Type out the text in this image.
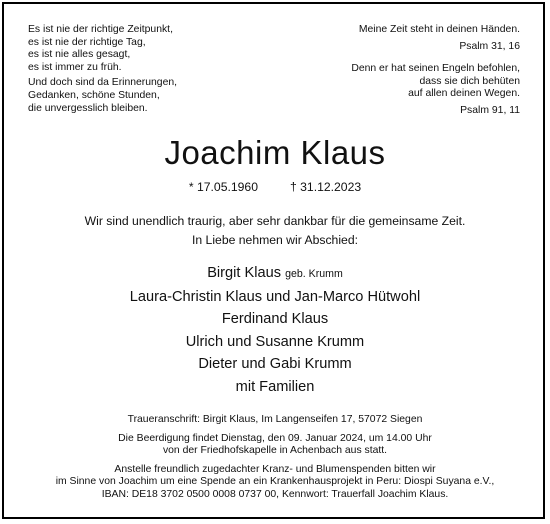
Es ist nie der richtige Zeitpunkt,
es ist nie der richtige Tag,
es ist nie alles gesagt,
es ist immer zu früh.
Und doch sind da Erinnerungen,
Gedanken, schöne Stunden,
die unvergesslich bleiben.
Meine Zeit steht in deinen Händen.
Psalm 31, 16
Denn er hat seinen Engeln befohlen,
dass sie dich behüten
auf allen deinen Wegen.
Psalm 91, 11
Joachim Klaus
* 17.05.1960	† 31.12.2023
Wir sind unendlich traurig, aber sehr dankbar für die gemeinsame Zeit.
In Liebe nehmen wir Abschied:
Birgit Klaus geb. Krumm
Laura-Christin Klaus und Jan-Marco Hütwohl
Ferdinand Klaus
Ulrich und Susanne Krumm
Dieter und Gabi Krumm
mit Familien
Traueranschrift: Birgit Klaus, Im Langenseifen 17, 57072 Siegen
Die Beerdigung findet Dienstag, den 09. Januar 2024, um 14.00 Uhr
von der Friedhofskapelle in Achenbach aus statt.
Anstelle freundlich zugedachter Kranz- und Blumenspenden bitten wir
im Sinne von Joachim um eine Spende an ein Krankenhausprojekt in Peru: Diospi Suyana e.V.,
IBAN: DE18 3702 0500 0008 0737 00, Kennwort: Trauerfall Joachim Klaus.
